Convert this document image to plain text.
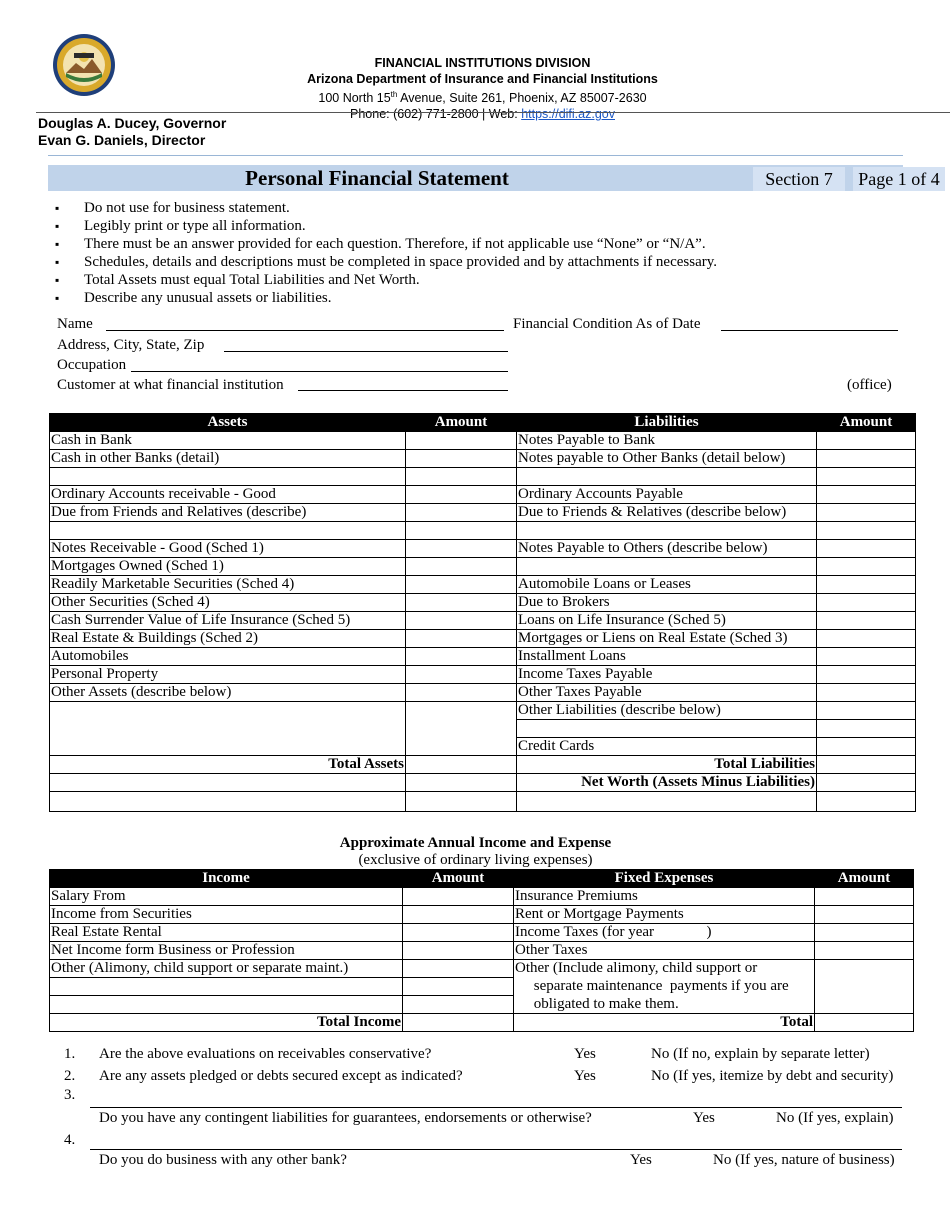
FINANCIAL INSTITUTIONS DIVISION
Arizona Department of Insurance and Financial Institutions
100 North 15th Avenue, Suite 261, Phoenix, AZ 85007-2630
Phone: (602) 771-2800 | Web: https://difi.az.gov
Douglas A. Ducey, Governor
Evan G. Daniels, Director
Personal Financial Statement	Section 7	Page 1 of 4
▪ Do not use for business statement.
▪ Legibly print or type all information.
▪ There must be an answer provided for each question. Therefore, if not applicable use “None” or “N/A”.
▪ Schedules, details and descriptions must be completed in space provided and by attachments if necessary.
▪ Total Assets must equal Total Liabilities and Net Worth.
▪ Describe any unusual assets or liabilities.
Name	Financial Condition As of Date
Address, City, State, Zip
Occupation
Customer at what financial institution	(office)
Assets	Amount	Liabilities	Amount
Cash in Bank		Notes Payable to Bank	
Cash in other Banks (detail)		Notes payable to Other Banks (detail below)	

Ordinary Accounts receivable - Good		Ordinary Accounts Payable	
Due from Friends and Relatives (describe)		Due to Friends & Relatives (describe below)	

Notes Receivable - Good (Sched 1)		Notes Payable to Others (describe below)	
Mortgages Owned (Sched 1)			
Readily Marketable Securities (Sched 4)		Automobile Loans or Leases	
Other Securities (Sched 4)		Due to Brokers	
Cash Surrender Value of Life Insurance (Sched 5)		Loans on Life Insurance (Sched 5)	
Real Estate & Buildings (Sched 2)		Mortgages or Liens on Real Estate (Sched 3)	
Automobiles		Installment Loans	
Personal Property		Income Taxes Payable	
Other Assets (describe below)		Other Taxes Payable	
		Other Liabilities (describe below)	

		Credit Cards	
Total Assets		Total Liabilities	
		Net Worth (Assets Minus Liabilities)	

Approximate Annual Income and Expense
(exclusive of ordinary living expenses)
Income	Amount	Fixed Expenses	Amount
Salary From		Insurance Premiums	
Income from Securities		Rent or Mortgage Payments	
Real Estate Rental		Income Taxes (for year              )	
Net Income form Business or Profession		Other Taxes	
Other (Alimony, child support or separate maint.)		Other (Include alimony, child support or	
		separate maintenance  payments if you are	
		obligated to make them.	
Total Income		Total	
1. Are the above evaluations on receivables conservative?	Yes	No (If no, explain by separate letter)
2. Are any assets pledged or debts secured except as indicated?	Yes	No (If yes, itemize by debt and security)
3.
Do you have any contingent liabilities for guarantees, endorsements or otherwise?	Yes	No (If yes, explain)
4.
Do you do business with any other bank?	Yes	No (If yes, nature of business)
